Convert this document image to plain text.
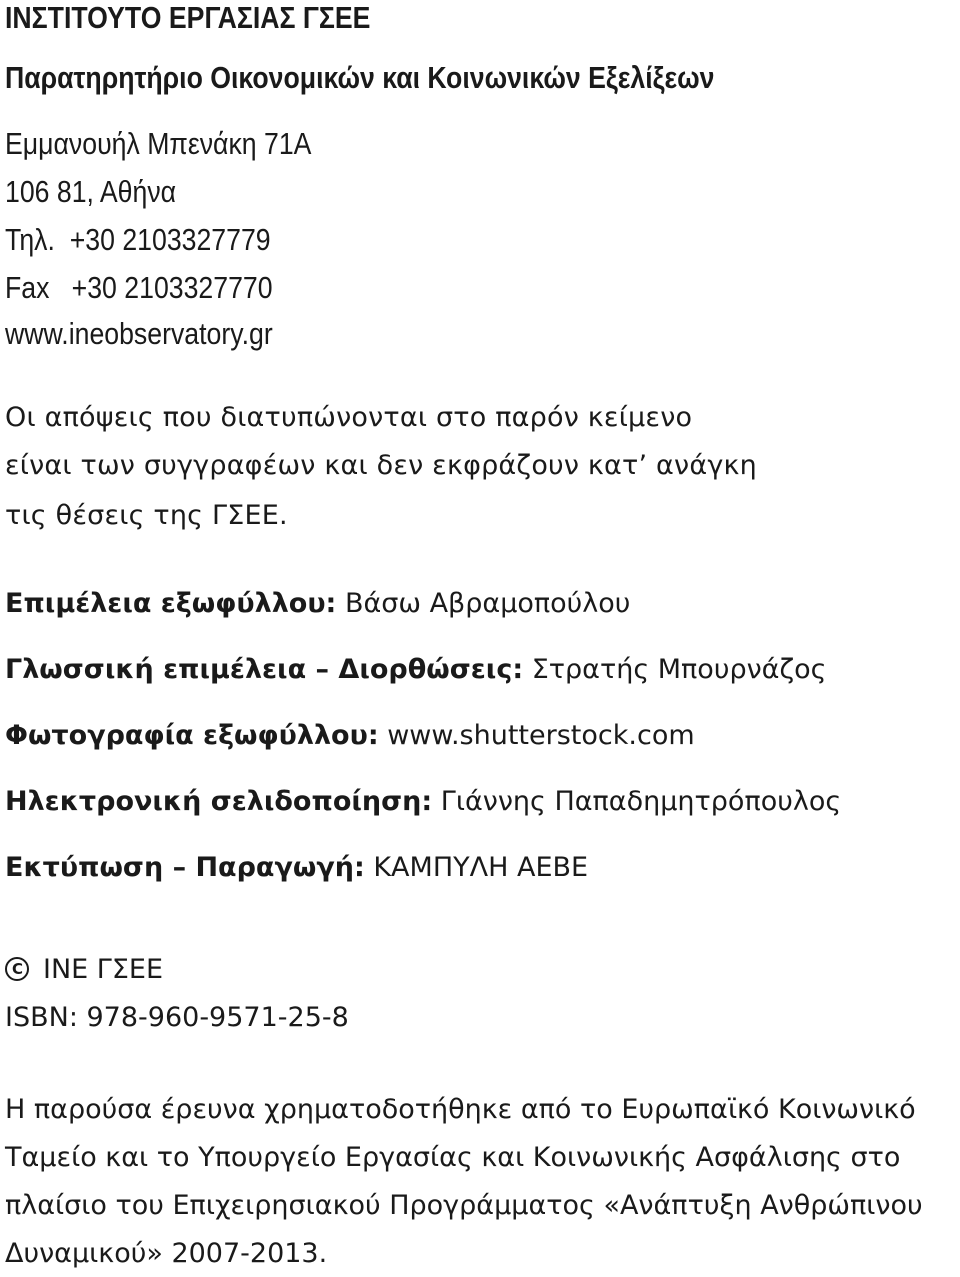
ΙΝΣΤΙΤΟΥΤΟ ΕΡΓΑΣΙΑΣ ΓΣΕΕ
Παρατηρητήριο Οικονομικών και Κοινωνικών Εξελίξεων
Εμμανουήλ Μπενάκη 71Α
106 81, Αθήνα
Τηλ.  +30 2103327779
Fax   +30 2103327770
www.ineobservatory.gr
Οι απόψεις που διατυπώνονται στο παρόν κείμενο
είναι των συγγραφέων και δεν εκφράζουν κατ’ ανάγκη
τις θέσεις της ΓΣΕΕ.
Επιμέλεια εξωφύλλου: Βάσω Αβραμοπούλου
Γλωσσική επιμέλεια – Διορθώσεις: Στρατής Μπουρνάζος
Φωτογραφία εξωφύλλου: www.shutterstock.com
Ηλεκτρονική σελιδοποίηση: Γιάννης Παπαδημητρόπουλος
Εκτύπωση – Παραγωγή: ΚΑΜΠΥΛΗ ΑΕΒΕ
CΙΝΕ ΓΣΕΕ
ISBN: 978-960-9571-25-8
Η παρούσα έρευνα χρηματοδοτήθηκε από το Ευρωπαϊκό Κοινωνικό
Ταμείο και το Υπουργείο Εργασίας και Κοινωνικής Ασφάλισης στο
πλαίσιο του Επιχειρησιακού Προγράμματος «Ανάπτυξη Ανθρώπινου
Δυναμικού» 2007-2013.
